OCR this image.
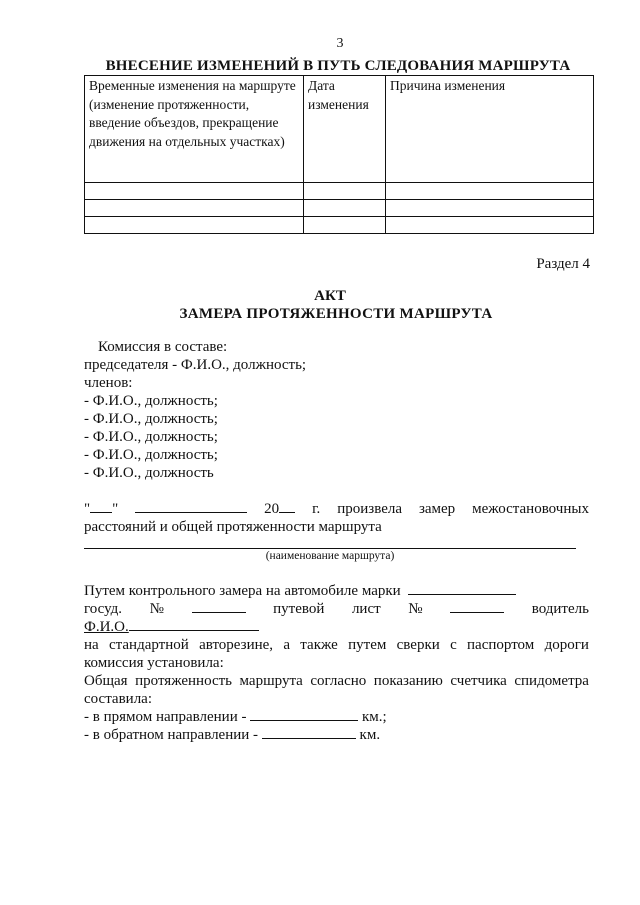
3
ВНЕСЕНИЕ ИЗМЕНЕНИЙ В ПУТЬ СЛЕДОВАНИЯ МАРШРУТА
Временные изменения на маршруте (изменение протяженности, введение объездов, прекращение движения на отдельных участках)	Дата изменения	Причина изменения

Раздел 4
АКТ
ЗАМЕРА ПРОТЯЖЕННОСТИ МАРШРУТА
Комиссия в составе:
председателя - Ф.И.О., должность;
членов:
- Ф.И.О., должность;
- Ф.И.О., должность;
- Ф.И.О., должность;
- Ф.И.О., должность;
- Ф.И.О., должность
" "	20	г. произвела замер межостановочных
расстояний и общей протяженности маршрута
(наименование маршрута)
Путем контрольного замера на автомобиле марки
госуд. №	путевой лист №	водитель
Ф.И.О.
на стандартной авторезине, а также путем сверки с паспортом дороги
комиссия установила:
Общая протяженность маршрута согласно показанию счетчика спидометра
составила:
- в прямом направлении -	км.;
- в обратном направлении -	км.
